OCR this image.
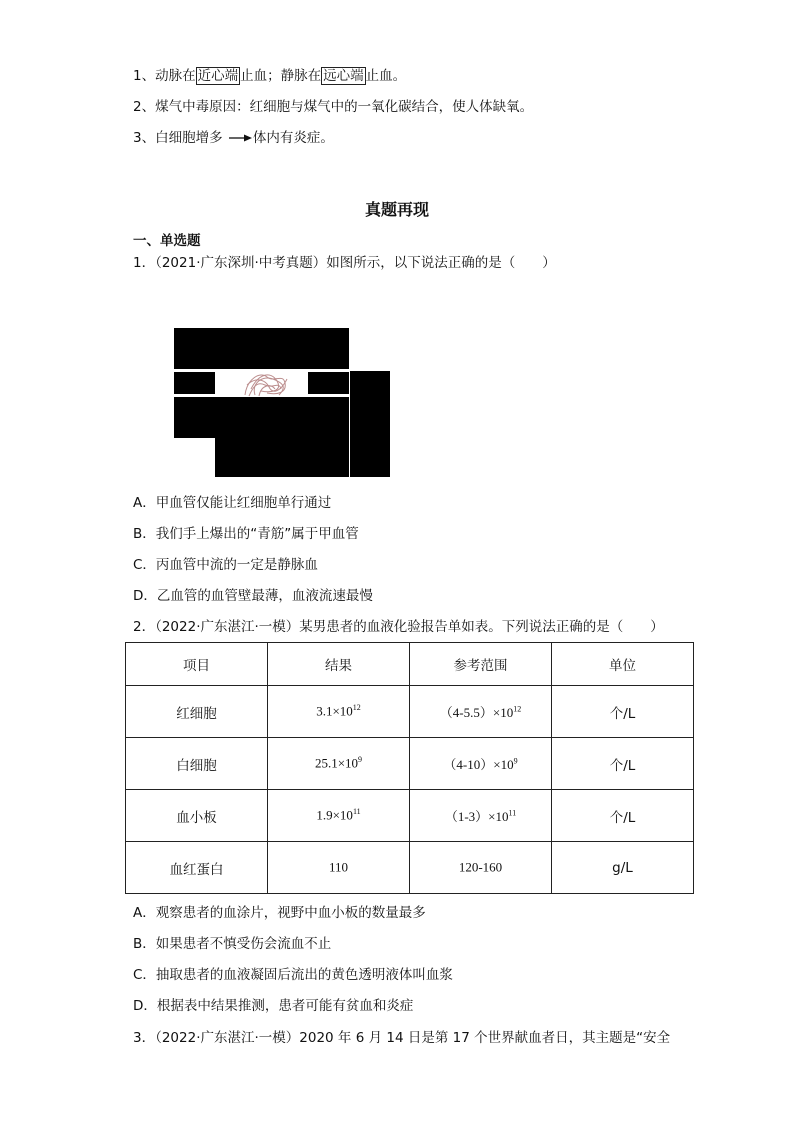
1、动脉在 近心端 止血；静脉在 远心端 止血。
2、煤气中毒原因：红细胞与煤气中的一氧化碳结合，使人体缺氧。
3、白细胞增多 体内有炎症。
真题再现
一、单选题
1．（2021·广东深圳·中考真题）如图所示，以下说法正确的是（　　）
A．甲血管仅能让红细胞单行通过
B．我们手上爆出的“青筋”属于甲血管
C．丙血管中流的一定是静脉血
D．乙血管的血管壁最薄，血液流速最慢
2．（2022·广东湛江·一模）某男患者的血液化验报告单如表。下列说法正确的是（　　）
项目	结果	参考范围	单位
红细胞	$3.1\times 10^{12}$	$(4-5.5)\times 10^{12}$	个/L
白细胞	$25.1\times 10^9$	$(4-10)\times 10^9$	个/L
血小板	$1.9\times 10^{11}$	$(1-3)\times 10^{11}$	个/L
血红蛋白	110	120-160	g/L
A．观察患者的血涂片，视野中血小板的数量最多
B．如果患者不慎受伤会流血不止
C．抽取患者的血液凝固后流出的黄色透明液体叫血浆
D．根据表中结果推测，患者可能有贫血和炎症
3．（2022·广东湛江·一模）2020 年 6 月 14 日是第 17 个世界献血者日，其主题是“安全
